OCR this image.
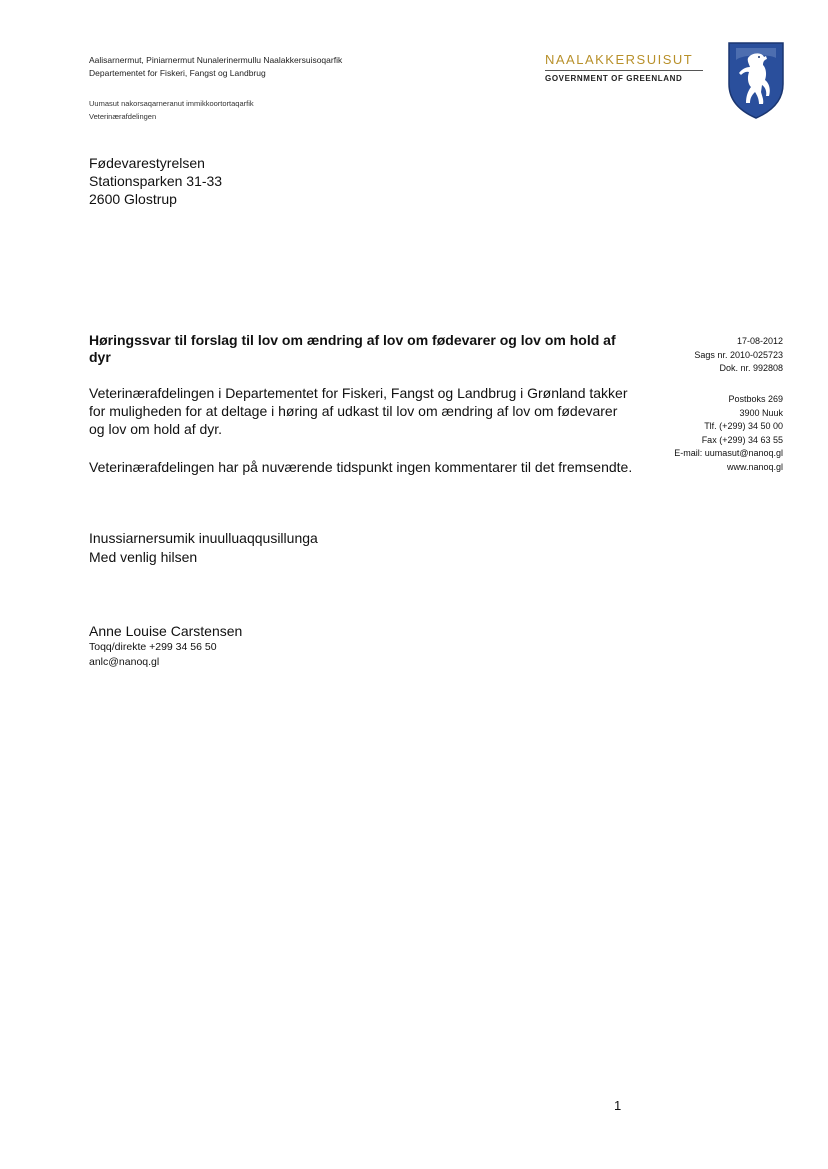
Aalisarnermut, Piniarnermut Nunalerinermullu Naalakkersuisoqarfik
Departementet for Fiskeri, Fangst og Landbrug
Uumasut nakorsaqarneranut immikkoortortaqarfik
Veterinærafdelingen
NAALAKKERSUISUT
GOVERNMENT OF GREENLAND
Fødevarestyrelsen
Stationsparken 31-33
2600 Glostrup
Høringssvar til forslag til lov om ændring af lov om fødevarer og lov om hold af
dyr
17-08-2012
Sags nr. 2010-025723
Dok. nr. 992808
Postboks 269
3900 Nuuk
Tlf. (+299) 34 50 00
Fax (+299) 34 63 55
E-mail: uumasut@nanoq.gl
www.nanoq.gl
Veterinærafdelingen i Departementet for Fiskeri, Fangst og Landbrug i Grønland takker
for muligheden for at deltage i høring af udkast til lov om ændring af lov om fødevarer
og lov om hold af dyr.
Veterinærafdelingen har på nuværende tidspunkt ingen kommentarer til det fremsendte.
Inussiarnersumik inuulluaqqusillunga
Med venlig hilsen
Anne Louise Carstensen
Toqq/direkte +299 34 56 50
anlc@nanoq.gl
1
